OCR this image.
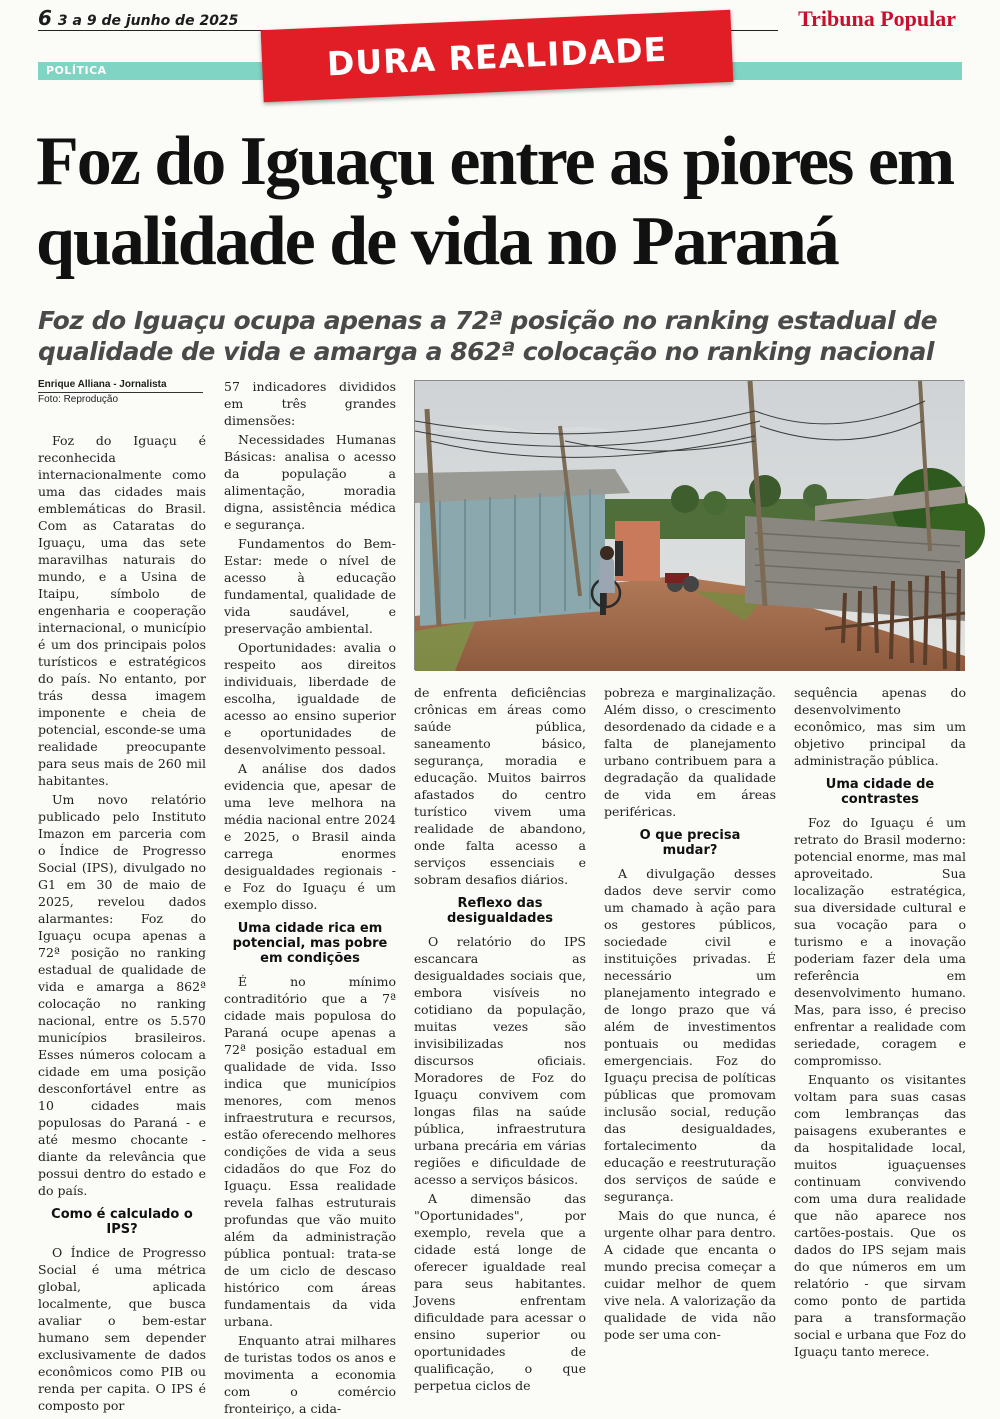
6 3 a 9 de junho de 2025	Tribuna Popular
POLÍTICA	DURA REALIDADE
Foz do Iguaçu entre as piores em qualidade de vida no Paraná
Foz do Iguaçu ocupa apenas a 72ª posição no ranking estadual de qualidade de vida e amarga a 862ª colocação no ranking nacional
Enrique Alliana - Jornalista
Foto: Reprodução

Foz do Iguaçu é reconhecida internacionalmente como uma das cidades mais emblemáticas do Brasil. Com as Cataratas do Iguaçu, uma das sete maravilhas naturais do mundo, e a Usina de Itaipu, símbolo de engenharia e cooperação internacional, o município é um dos principais polos turísticos e estratégicos do país. No entanto, por trás dessa imagem imponente e cheia de potencial, esconde-se uma realidade preocupante para seus mais de 260 mil habitantes.

Um novo relatório publicado pelo Instituto Imazon em parceria com o Índice de Progresso Social (IPS), divulgado no G1 em 30 de maio de 2025, revelou dados alarmantes: Foz do Iguaçu ocupa apenas a 72ª posição no ranking estadual de qualidade de vida e amarga a 862ª colocação no ranking nacional, entre os 5.570 municípios brasileiros. Esses números colocam a cidade em uma posição desconfortável entre as 10 cidades mais populosas do Paraná - e até mesmo chocante - diante da relevância que possui dentro do estado e do país.

Como é calculado o IPS?

O Índice de Progresso Social é uma métrica global, aplicada localmente, que busca avaliar o bem-estar humano sem depender exclusivamente de dados econômicos como PIB ou renda per capita. O IPS é composto por

57 indicadores divididos em três grandes dimensões:

Necessidades Humanas Básicas: analisa o acesso da população a alimentação, moradia digna, assistência médica e segurança.

Fundamentos do Bem-Estar: mede o nível de acesso à educação fundamental, qualidade de vida saudável, e preservação ambiental.

Oportunidades: avalia o respeito aos direitos individuais, liberdade de escolha, igualdade de acesso ao ensino superior e oportunidades de desenvolvimento pessoal.

A análise dos dados evidencia que, apesar de uma leve melhora na média nacional entre 2024 e 2025, o Brasil ainda carrega enormes desigualdades regionais - e Foz do Iguaçu é um exemplo disso.

Uma cidade rica em potencial, mas pobre em condições

É no mínimo contraditório que a 7ª cidade mais populosa do Paraná ocupe apenas a 72ª posição estadual em qualidade de vida. Isso indica que municípios menores, com menos infraestrutura e recursos, estão oferecendo melhores condições de vida a seus cidadãos do que Foz do Iguaçu. Essa realidade revela falhas estruturais profundas que vão muito além da administração pública pontual: trata-se de um ciclo de descaso histórico com áreas fundamentais da vida urbana.

Enquanto atrai milhares de turistas todos os anos e movimenta a economia com o comércio fronteiriço, a cida-

de enfrenta deficiências crônicas em áreas como saúde pública, saneamento básico, segurança, moradia e educação. Muitos bairros afastados do centro turístico vivem uma realidade de abandono, onde falta acesso a serviços essenciais e sobram desafios diários.

Reflexo das desigualdades

O relatório do IPS escancara as desigualdades sociais que, embora visíveis no cotidiano da população, muitas vezes são invisibilizadas nos discursos oficiais. Moradores de Foz do Iguaçu convivem com longas filas na saúde pública, infraestrutura urbana precária em várias regiões e dificuldade de acesso a serviços básicos.

A dimensão das "Oportunidades", por exemplo, revela que a cidade está longe de oferecer igualdade real para seus habitantes. Jovens enfrentam dificuldade para acessar o ensino superior ou oportunidades de qualificação, o que perpetua ciclos de

pobreza e marginalização. Além disso, o crescimento desordenado da cidade e a falta de planejamento urbano contribuem para a degradação da qualidade de vida em áreas periféricas.

O que precisa mudar?

A divulgação desses dados deve servir como um chamado à ação para os gestores públicos, sociedade civil e instituições privadas. É necessário um planejamento integrado e de longo prazo que vá além de investimentos pontuais ou medidas emergenciais. Foz do Iguaçu precisa de políticas públicas que promovam inclusão social, redução das desigualdades, fortalecimento da educação e reestruturação dos serviços de saúde e segurança.

Mais do que nunca, é urgente olhar para dentro. A cidade que encanta o mundo precisa começar a cuidar melhor de quem vive nela. A valorização da qualidade de vida não pode ser uma con-

sequência apenas do desenvolvimento econômico, mas sim um objetivo principal da administração pública.

Uma cidade de contrastes

Foz do Iguaçu é um retrato do Brasil moderno: potencial enorme, mas mal aproveitado. Sua localização estratégica, sua diversidade cultural e sua vocação para o turismo e a inovação poderiam fazer dela uma referência em desenvolvimento humano. Mas, para isso, é preciso enfrentar a realidade com seriedade, coragem e compromisso.

Enquanto os visitantes voltam para suas casas com lembranças das paisagens exuberantes e da hospitalidade local, muitos iguaçuenses continuam convivendo com uma dura realidade que não aparece nos cartões-postais. Que os dados do IPS sejam mais do que números em um relatório - que sirvam como ponto de partida para a transformação social e urbana que Foz do Iguaçu tanto merece.
